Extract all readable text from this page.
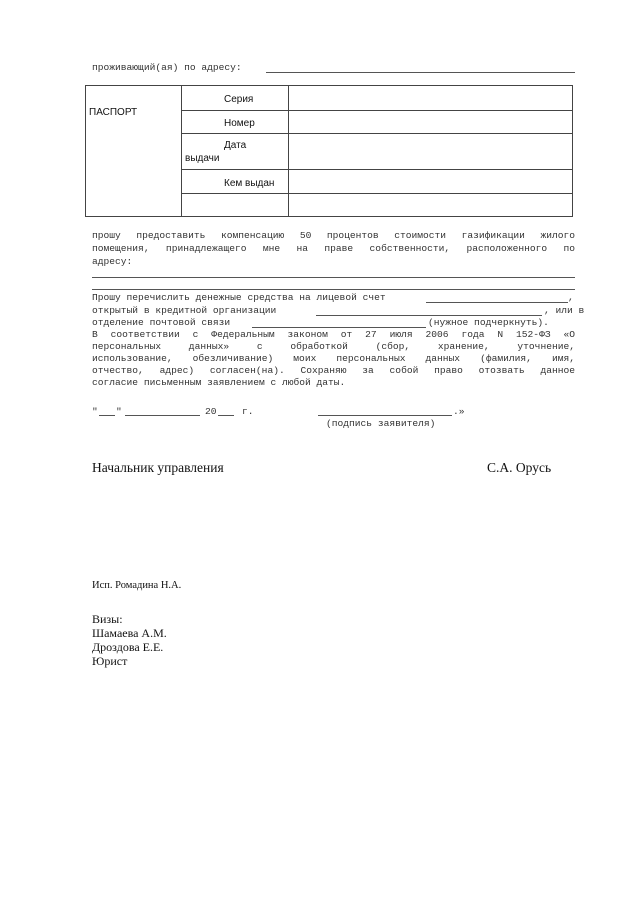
проживающий(ая) по адресу:
ПАСПОРТ	Серия	
	Номер	

	Дата
выдачи	

	Кем выдан	

прошу предоставить компенсацию 50 процентов стоимости газификации жилого
помещения, принадлежащего мне на праве собственности, расположенного по
адресу:
Прошу перечислить денежные средства на лицевой счет	,
открытый в кредитной организации	, или в
отделение почтовой связи	(нужное подчеркнуть).
В соответствии с Федеральным законом от 27 июля 2006 года N 152-ФЗ «О
персональных данных» с обработкой (сбор, хранение, уточнение,
использование, обезличивание) моих персональных данных (фамилия, имя,
отчество, адрес) согласен(на). Сохраняю за собой право отозвать данное
согласие письменным заявлением с любой даты.
" "	20	г.	.»
(подпись заявителя)
Начальник управления	С.А. Орусь
Исп. Ромадина Н.А.
Визы:
Шамаева А.М.
Дроздова Е.Е.
Юрист
